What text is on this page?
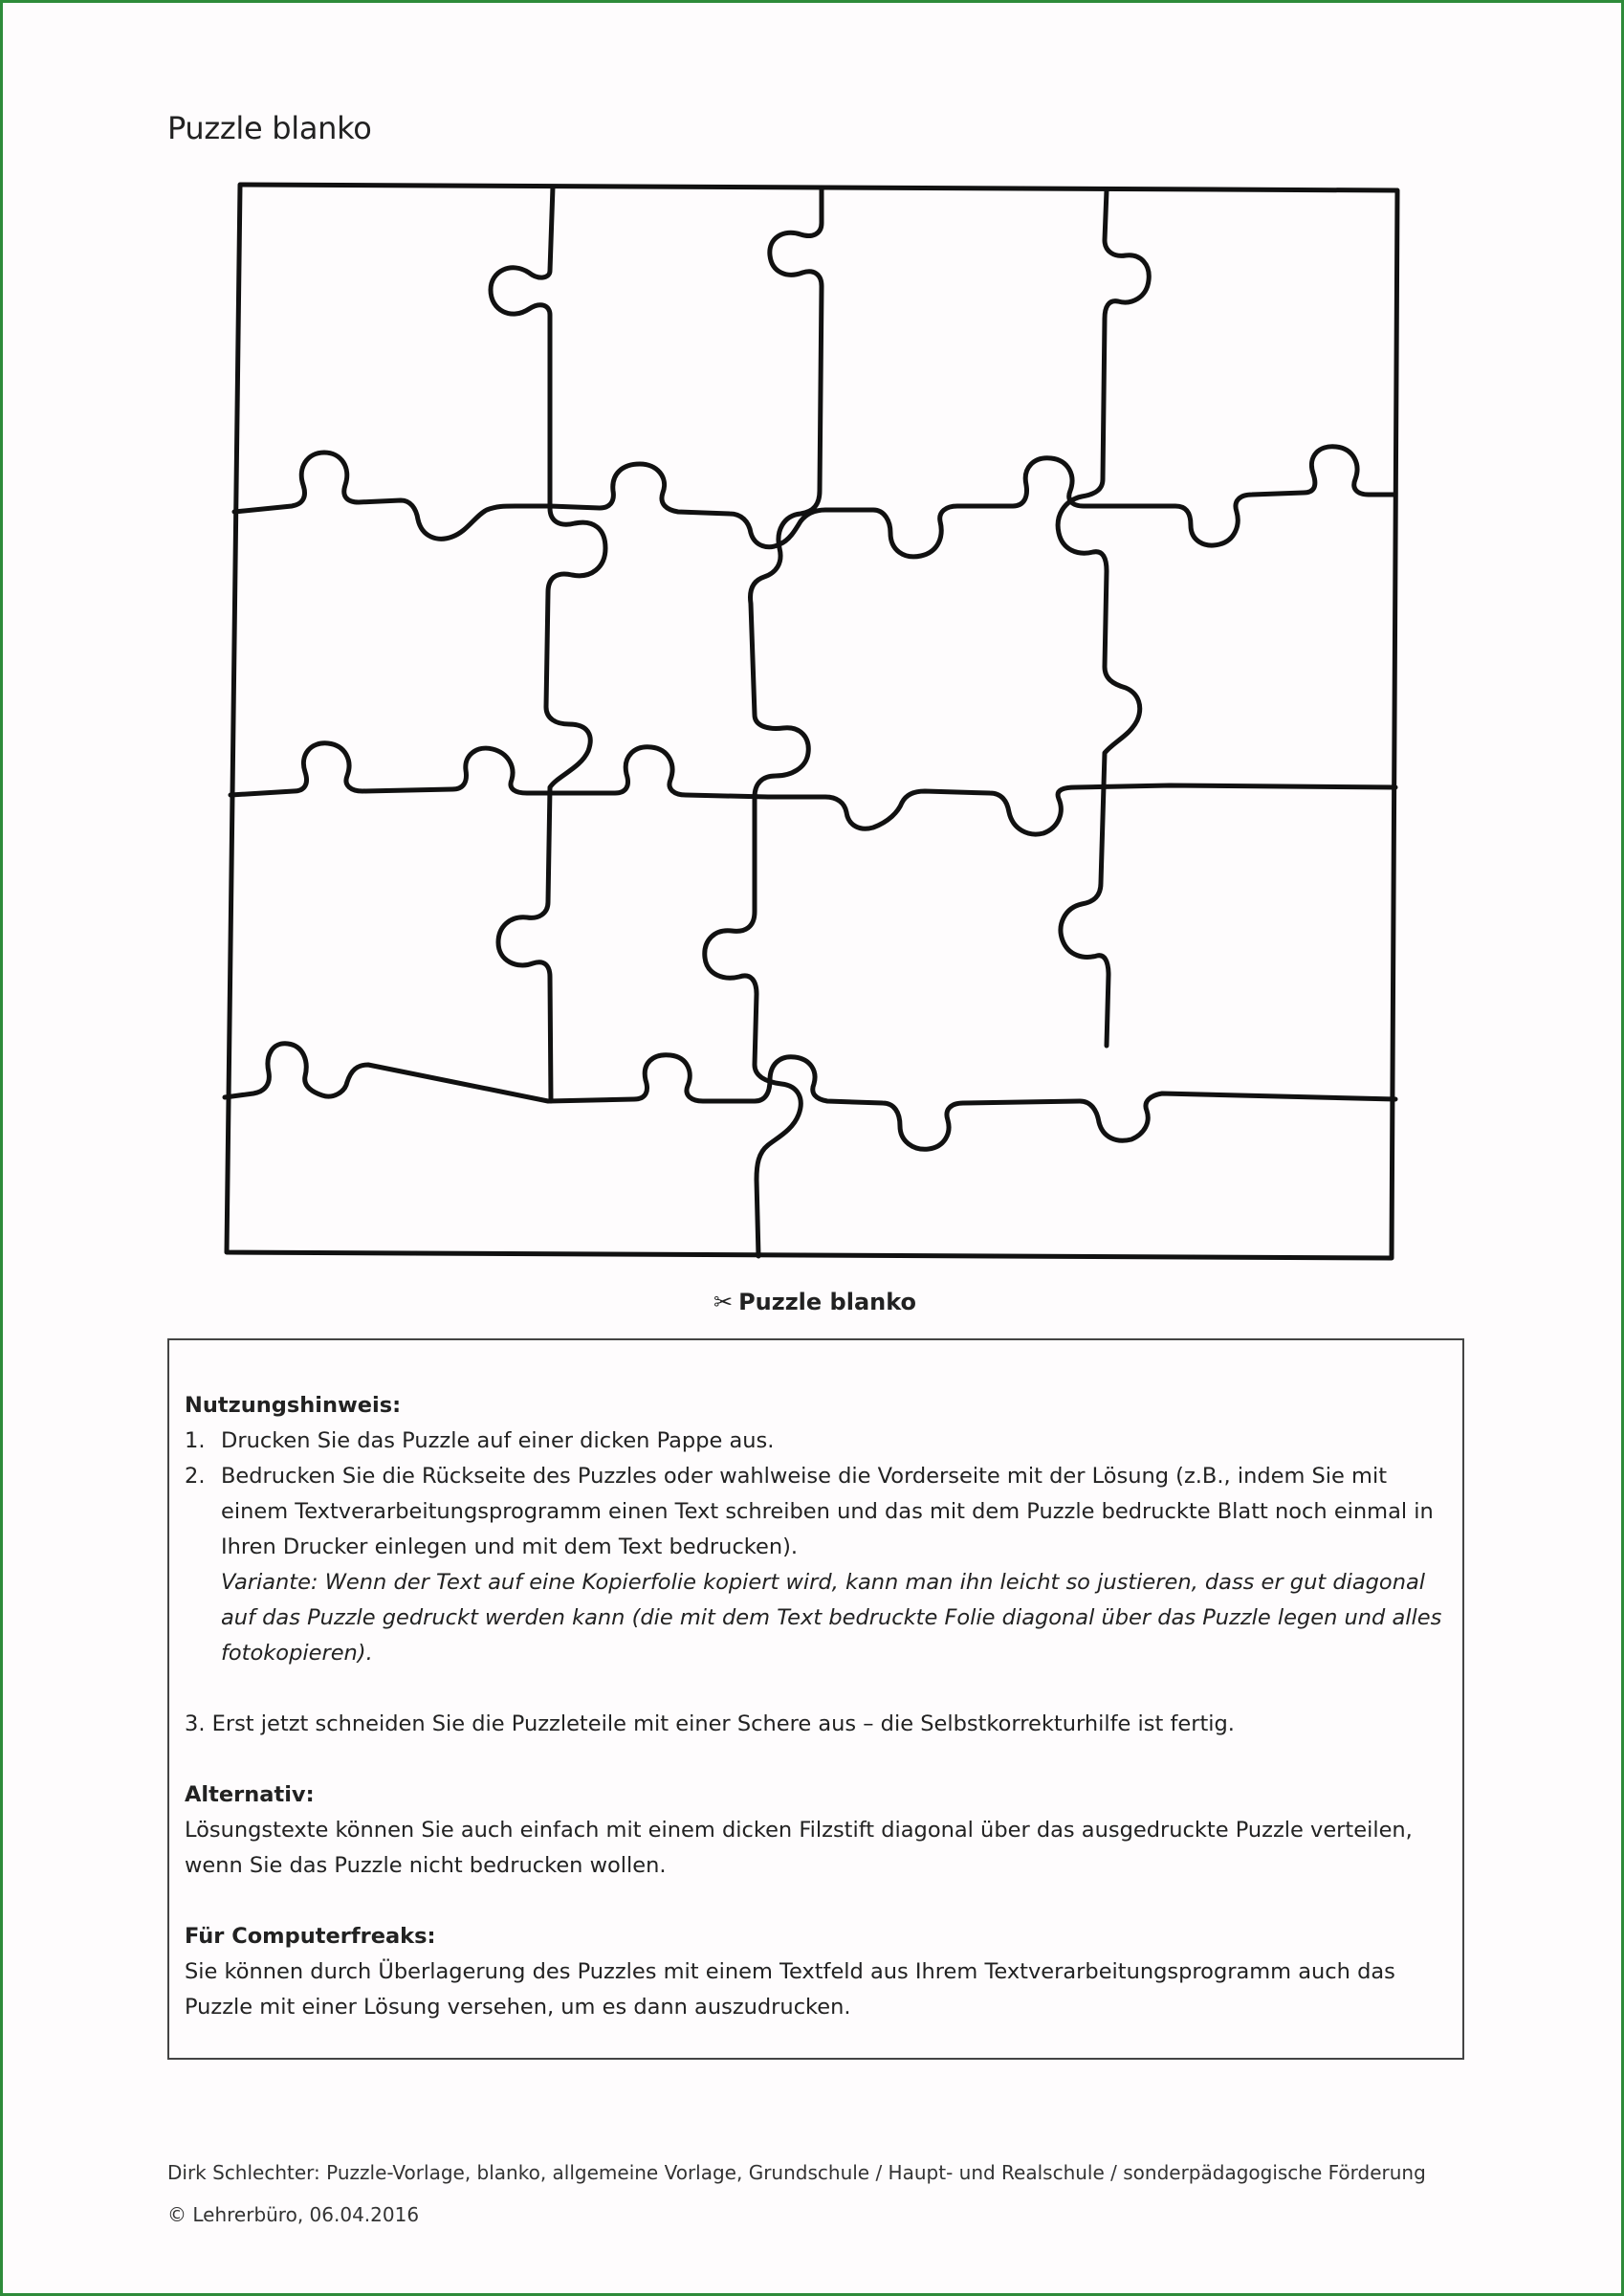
Puzzle blanko
✂ Puzzle blanko
Nutzungshinweis:
1. Drucken Sie das Puzzle auf einer dicken Pappe aus.
2. Bedrucken Sie die Rückseite des Puzzles oder wahlweise die Vorderseite mit der Lösung (z.B., indem Sie mit einem Textverarbeitungsprogramm einen Text schreiben und das mit dem Puzzle bedruckte Blatt noch einmal in Ihren Drucker einlegen und mit dem Text bedrucken).
Variante: Wenn der Text auf eine Kopierfolie kopiert wird, kann man ihn leicht so justieren, dass er gut diagonal auf das Puzzle gedruckt werden kann (die mit dem Text bedruckte Folie diagonal über das Puzzle legen und alles fotokopieren).
3. Erst jetzt schneiden Sie die Puzzleteile mit einer Schere aus – die Selbstkorrekturhilfe ist fertig.
Alternativ:
Lösungstexte können Sie auch einfach mit einem dicken Filzstift diagonal über das ausgedruckte Puzzle verteilen, wenn Sie das Puzzle nicht bedrucken wollen.
Für Computerfreaks:
Sie können durch Überlagerung des Puzzles mit einem Textfeld aus Ihrem Textverarbeitungsprogramm auch das Puzzle mit einer Lösung versehen, um es dann auszudrucken.
Dirk Schlechter: Puzzle-Vorlage, blanko, allgemeine Vorlage, Grundschule / Haupt- und Realschule / sonderpädagogische Förderung
© Lehrerbüro, 06.04.2016
